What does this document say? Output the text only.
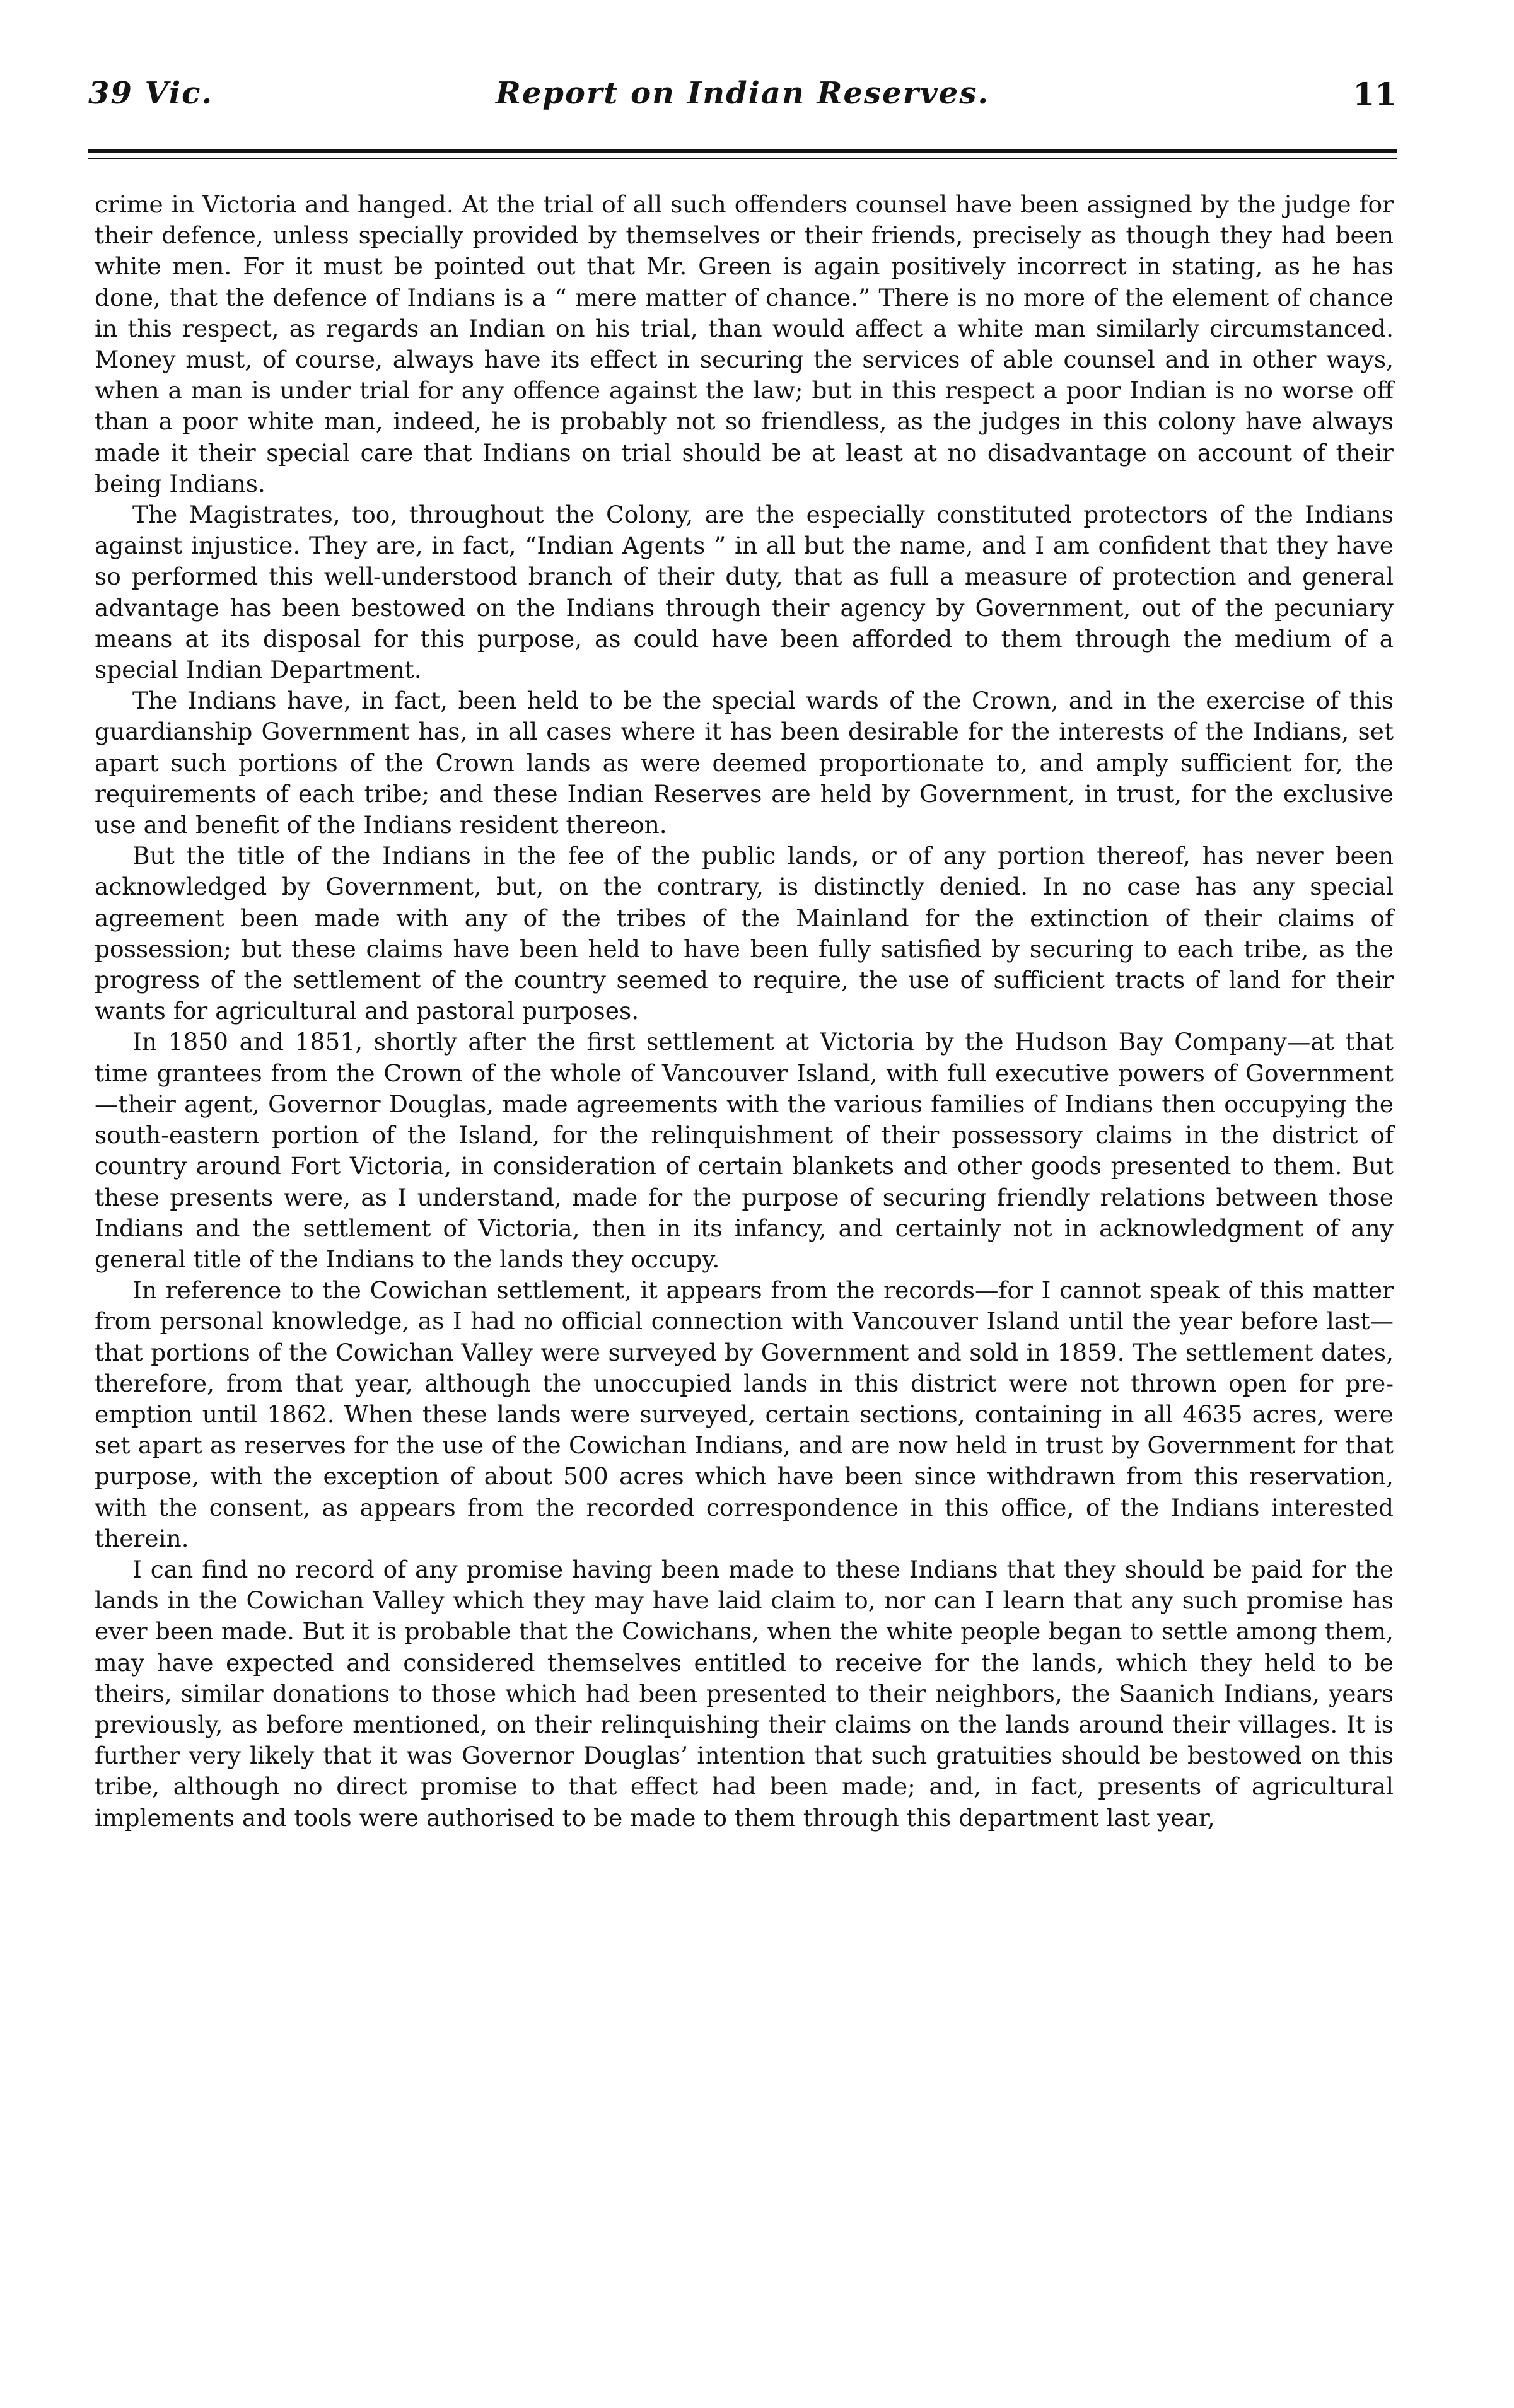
Report on Indian Reserves.
39 Vic.	11

crime in Victoria and hanged. At the trial of all such offenders counsel have been assigned by the judge for their defence, unless specially provided by themselves or their friends, precisely as though they had been white men. For it must be pointed out that Mr. Green is again positively incorrect in stating, as he has done, that the defence of Indians is a “ mere matter of chance.” There is no more of the element of chance in this respect, as regards an Indian on his trial, than would affect a white man similarly circumstanced. Money must, of course, always have its effect in securing the services of able counsel and in other ways, when a man is under trial for any offence against the law; but in this respect a poor Indian is no worse off than a poor white man, indeed, he is probably not so friendless, as the judges in this colony have always made it their special care that Indians on trial should be at least at no disadvantage on account of their being Indians.

The Magistrates, too, throughout the Colony, are the especially constituted protectors of the Indians against injustice. They are, in fact, “Indian Agents ” in all but the name, and I am confident that they have so performed this well-understood branch of their duty, that as full a measure of protection and general advantage has been bestowed on the Indians through their agency by Government, out of the pecuniary means at its disposal for this purpose, as could have been afforded to them through the medium of a special Indian Department.

The Indians have, in fact, been held to be the special wards of the Crown, and in the exercise of this guardianship Government has, in all cases where it has been desirable for the interests of the Indians, set apart such portions of the Crown lands as were deemed proportionate to, and amply sufficient for, the requirements of each tribe; and these Indian Reserves are held by Government, in trust, for the exclusive use and benefit of the Indians resident thereon.

But the title of the Indians in the fee of the public lands, or of any portion thereof, has never been acknowledged by Government, but, on the contrary, is distinctly denied. In no case has any special agreement been made with any of the tribes of the Mainland for the extinction of their claims of possession; but these claims have been held to have been fully satisfied by securing to each tribe, as the progress of the settlement of the country seemed to require, the use of sufficient tracts of land for their wants for agricultural and pastoral purposes.

In 1850 and 1851, shortly after the first settlement at Victoria by the Hudson Bay Company—at that time grantees from the Crown of the whole of Vancouver Island, with full executive powers of Government—their agent, Governor Douglas, made agreements with the various families of Indians then occupying the south-eastern portion of the Island, for the relinquishment of their possessory claims in the district of country around Fort Victoria, in consideration of certain blankets and other goods presented to them. But these presents were, as I understand, made for the purpose of securing friendly relations between those Indians and the settlement of Victoria, then in its infancy, and certainly not in acknowledgment of any general title of the Indians to the lands they occupy.

In reference to the Cowichan settlement, it appears from the records—for I cannot speak of this matter from personal knowledge, as I had no official connection with Vancouver Island until the year before last—that portions of the Cowichan Valley were surveyed by Government and sold in 1859. The settlement dates, therefore, from that year, although the unoccupied lands in this district were not thrown open for pre-emption until 1862. When these lands were surveyed, certain sections, containing in all 4635 acres, were set apart as reserves for the use of the Cowichan Indians, and are now held in trust by Government for that purpose, with the exception of about 500 acres which have been since withdrawn from this reservation, with the consent, as appears from the recorded correspondence in this office, of the Indians interested therein.

I can find no record of any promise having been made to these Indians that they should be paid for the lands in the Cowichan Valley which they may have laid claim to, nor can I learn that any such promise has ever been made. But it is probable that the Cowichans, when the white people began to settle among them, may have expected and considered themselves entitled to receive for the lands, which they held to be theirs, similar donations to those which had been presented to their neighbors, the Saanich Indians, years previously, as before mentioned, on their relinquishing their claims on the lands around their villages. It is further very likely that it was Governor Douglas’ intention that such gratuities should be bestowed on this tribe, although no direct promise to that effect had been made; and, in fact, presents of agricultural implements and tools were authorised to be made to them through this department last year,
